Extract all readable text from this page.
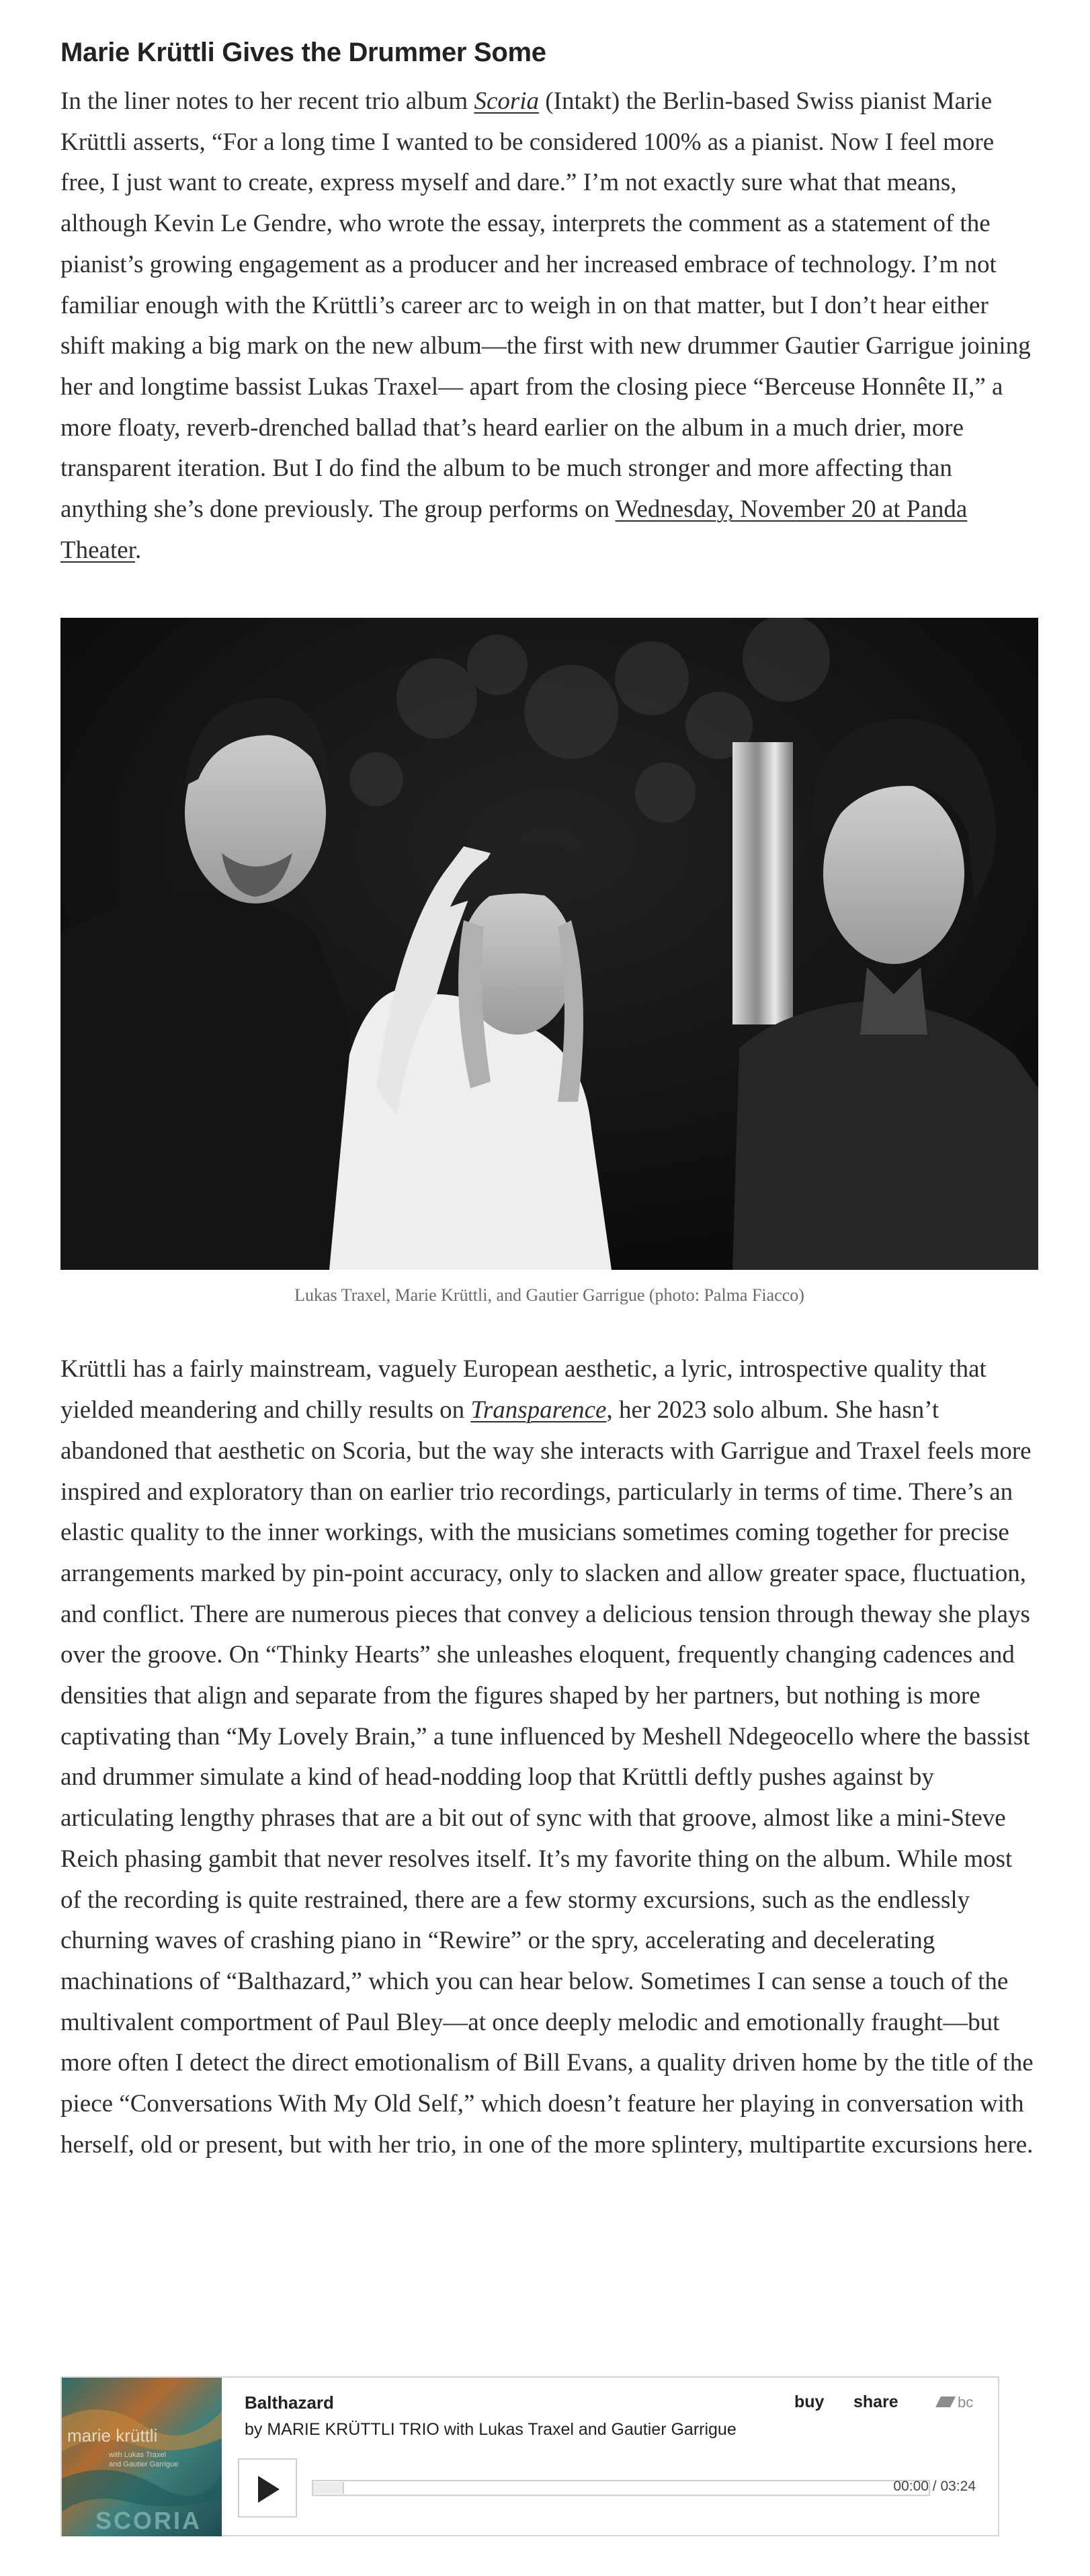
Marie Krüttli Gives the Drummer Some

In the liner notes to her recent trio album Scoria (Intakt) the Berlin-based Swiss pianist Marie Krüttli asserts, “For a long time I wanted to be considered 100% as a pianist. Now I feel more free, I just want to create, express myself and dare.” I’m not exactly sure what that means, although Kevin Le Gendre, who wrote the essay, interprets the comment as a statement of the pianist’s growing engagement as a producer and her increased embrace of technology. I’m not familiar enough with the Krüttli’s career arc to weigh in on that matter, but I don’t hear either shift making a big mark on the new album—the first with new drummer Gautier Garrigue joining her and longtime bassist Lukas Traxel— apart from the closing piece “Berceuse Honnête II,” a more floaty, reverb-drenched ballad that’s heard earlier on the album in a much drier, more transparent iteration. But I do find the album to be much stronger and more affecting than anything she’s done previously. The group performs on Wednesday, November 20 at Panda Theater.

Lukas Traxel, Marie Krüttli, and Gautier Garrigue (photo: Palma Fiacco)

Krüttli has a fairly mainstream, vaguely European aesthetic, a lyric, introspective quality that yielded meandering and chilly results on Transparence, her 2023 solo album. She hasn’t abandoned that aesthetic on Scoria, but the way she interacts with Garrigue and Traxel feels more inspired and exploratory than on earlier trio recordings, particularly in terms of time. There’s an elastic quality to the inner workings, with the musicians sometimes coming together for precise arrangements marked by pin-point accuracy, only to slacken and allow greater space, fluctuation, and conflict. There are numerous pieces that convey a delicious tension through theway she plays over the groove. On “Thinky Hearts” she unleashes eloquent, frequently changing cadences and densities that align and separate from the figures shaped by her partners, but nothing is more captivating than “My Lovely Brain,” a tune influenced by Meshell Ndegeocello where the bassist and drummer simulate a kind of head-nodding loop that Krüttli deftly pushes against by articulating lengthy phrases that are a bit out of sync with that groove, almost like a mini-Steve Reich phasing gambit that never resolves itself. It’s my favorite thing on the album. While most of the recording is quite restrained, there are a few stormy excursions, such as the endlessly churning waves of crashing piano in “Rewire” or the spry, accelerating and decelerating machinations of “Balthazard,” which you can hear below. Sometimes I can sense a touch of the multivalent comportment of Paul Bley—at once deeply melodic and emotionally fraught—but more often I detect the direct emotionalism of Bill Evans, a quality driven home by the title of the piece “Conversations With My Old Self,” which doesn’t feature her playing in conversation with herself, old or present, but with her trio, in one of the more splintery, multipartite excursions here.

marie krüttli
with Lukas Traxel
and Gautier Garrigue
SCORIA
Balthazard
by MARIE KRÜTTLI TRIO with Lukas Traxel and Gautier Garrigue
buy share	bc
00:00 / 03:24
